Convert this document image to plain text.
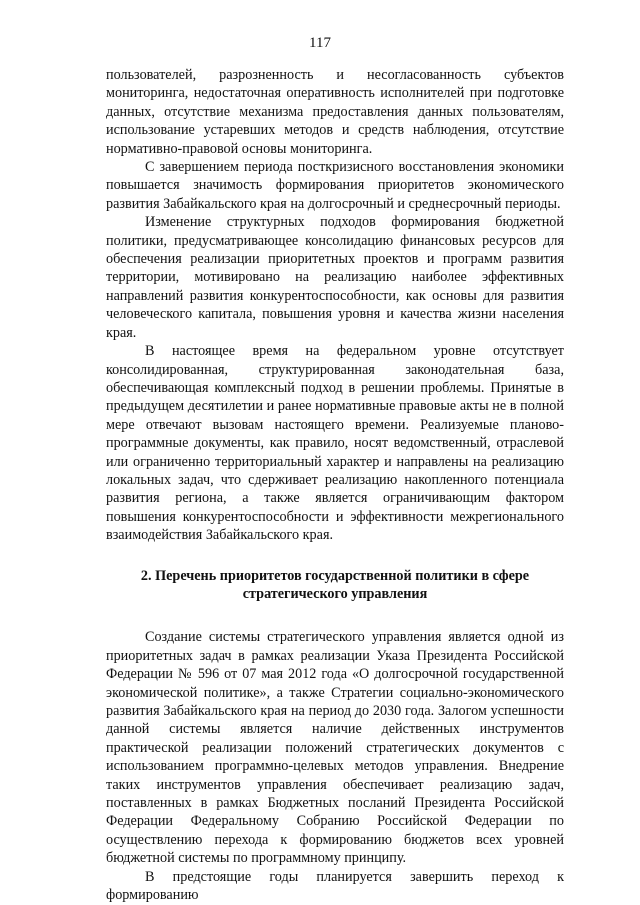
117

пользователей, разрозненность и несогласованность субъектов мониторинга, недостаточная оперативность исполнителей при подготовке данных, отсутствие механизма предоставления данных пользователям, использование устаревших методов и средств наблюдения, отсутствие нормативно-правовой основы мониторинга.

С завершением периода посткризисного восстановления экономики повышается значимость формирования приоритетов экономического развития Забайкальского края на долгосрочный и среднесрочный периоды.

Изменение структурных подходов формирования бюджетной политики, предусматривающее консолидацию финансовых ресурсов для обеспечения реализации приоритетных проектов и программ развития территории, мотивировано на реализацию наиболее эффективных направлений развития конкурентоспособности, как основы для развития человеческого капитала, повышения уровня и качества жизни населения края.

В настоящее время на федеральном уровне отсутствует консолидированная, структурированная законодательная база, обеспечивающая комплексный подход в решении проблемы. Принятые в предыдущем десятилетии и ранее нормативные правовые акты не в полной мере отвечают вызовам настоящего времени. Реализуемые планово-программные документы, как правило, носят ведомственный, отраслевой или ограниченно территориальный характер и направлены на реализацию локальных задач, что сдерживает реализацию накопленного потенциала развития региона, а также является ограничивающим фактором повышения конкурентоспособности и эффективности межрегионального взаимодействия Забайкальского края.

2. Перечень приоритетов государственной политики в сфере
стратегического управления

Создание системы стратегического управления является одной из приоритетных задач в рамках реализации Указа Президента Российской Федерации № 596 от 07 мая 2012 года «О долгосрочной государственной экономической политике», а также Стратегии социально-экономического развития Забайкальского края на период до 2030 года. Залогом успешности данной системы является наличие действенных инструментов практической реализации положений стратегических документов с использованием программно-целевых методов управления. Внедрение таких инструментов управления обеспечивает реализацию задач, поставленных в рамках Бюджетных посланий Президента Российской Федерации Федеральному Собранию Российской Федерации по осуществлению перехода к формированию бюджетов всех уровней бюджетной системы по программному принципу.

В предстоящие годы планируется завершить переход к формированию
